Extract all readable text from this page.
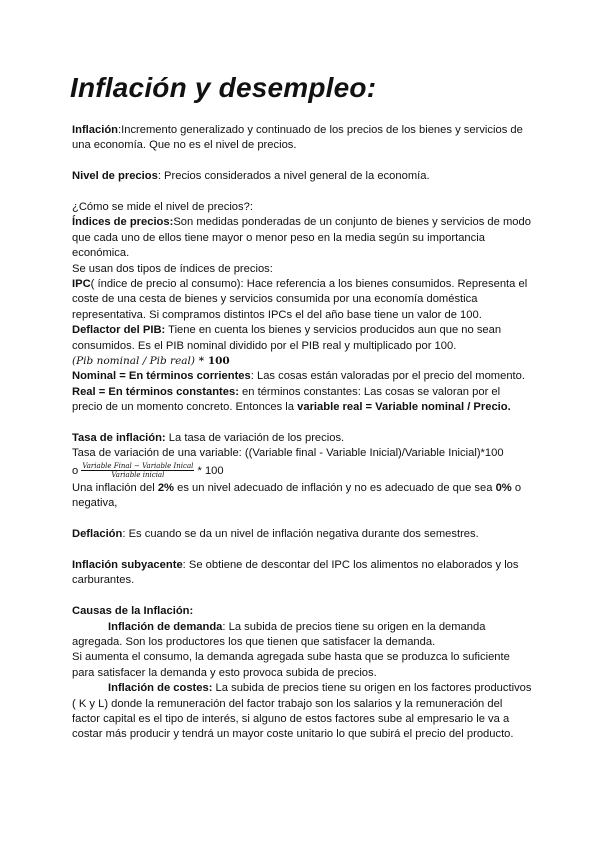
Inflación y desempleo:

Inflación:Incremento generalizado y continuado de los precios de los bienes y servicios de una economía. Que no es el nivel de precios.

Nivel de precios: Precios considerados a nivel general de la economía.

¿Cómo se mide el nivel de precios?:

Índices de precios:Son medidas ponderadas de un conjunto de bienes y servicios de modo que cada uno de ellos tiene mayor o menor peso en la media según su importancia económica.

Se usan dos tipos de índices de precios:

IPC( índice de precio al consumo): Hace referencia a los bienes consumidos. Representa el coste de una cesta de bienes y servicios consumida por una economía doméstica representativa. Si compramos distintos IPCs el del año base tiene un valor de 100.

Deflactor del PIB: Tiene en cuenta los bienes y servicios producidos aun que no sean consumidos. Es el PIB nominal dividido por el PIB real y multiplicado por 100.

(Pib nominal / Pib real) * 100

Nominal = En términos corrientes: Las cosas están valoradas por el precio del momento.

Real = En términos constantes: en términos constantes: Las cosas se valoran por el precio de un momento concreto. Entonces la variable real = Variable nominal / Precio.

Tasa de inflación: La tasa de variación de los precios.

Tasa de variación de una variable: ((Variable final - Variable Inicial)/Variable Inicial)*100

o $\frac{\text{Variable Final − Variable Inical}}{\text{Variable inicial}} * 100$

Una inflación del 2% es un nivel adecuado de inflación y no es adecuado de que sea 0% o negativa,

Deflación: Es cuando se da un nivel de inflación negativa durante dos semestres.

Inflación subyacente: Se obtiene de descontar del IPC los alimentos no elaborados y los carburantes.

Causas de la Inflación:

Inflación de demanda: La subida de precios tiene su origen en la demanda agregada. Son los productores los que tienen que satisfacer la demanda.

Si aumenta el consumo, la demanda agregada sube hasta que se produzca lo suficiente para satisfacer la demanda y esto provoca subida de precios.

Inflación de costes: La subida de precios tiene su origen en los factores productivos ( K y L) donde la remuneración del factor trabajo son los salarios y la remuneración del factor capital es el tipo de interés, si alguno de estos factores sube al empresario le va a costar más producir y tendrá un mayor coste unitario lo que subirá el precio del producto.
